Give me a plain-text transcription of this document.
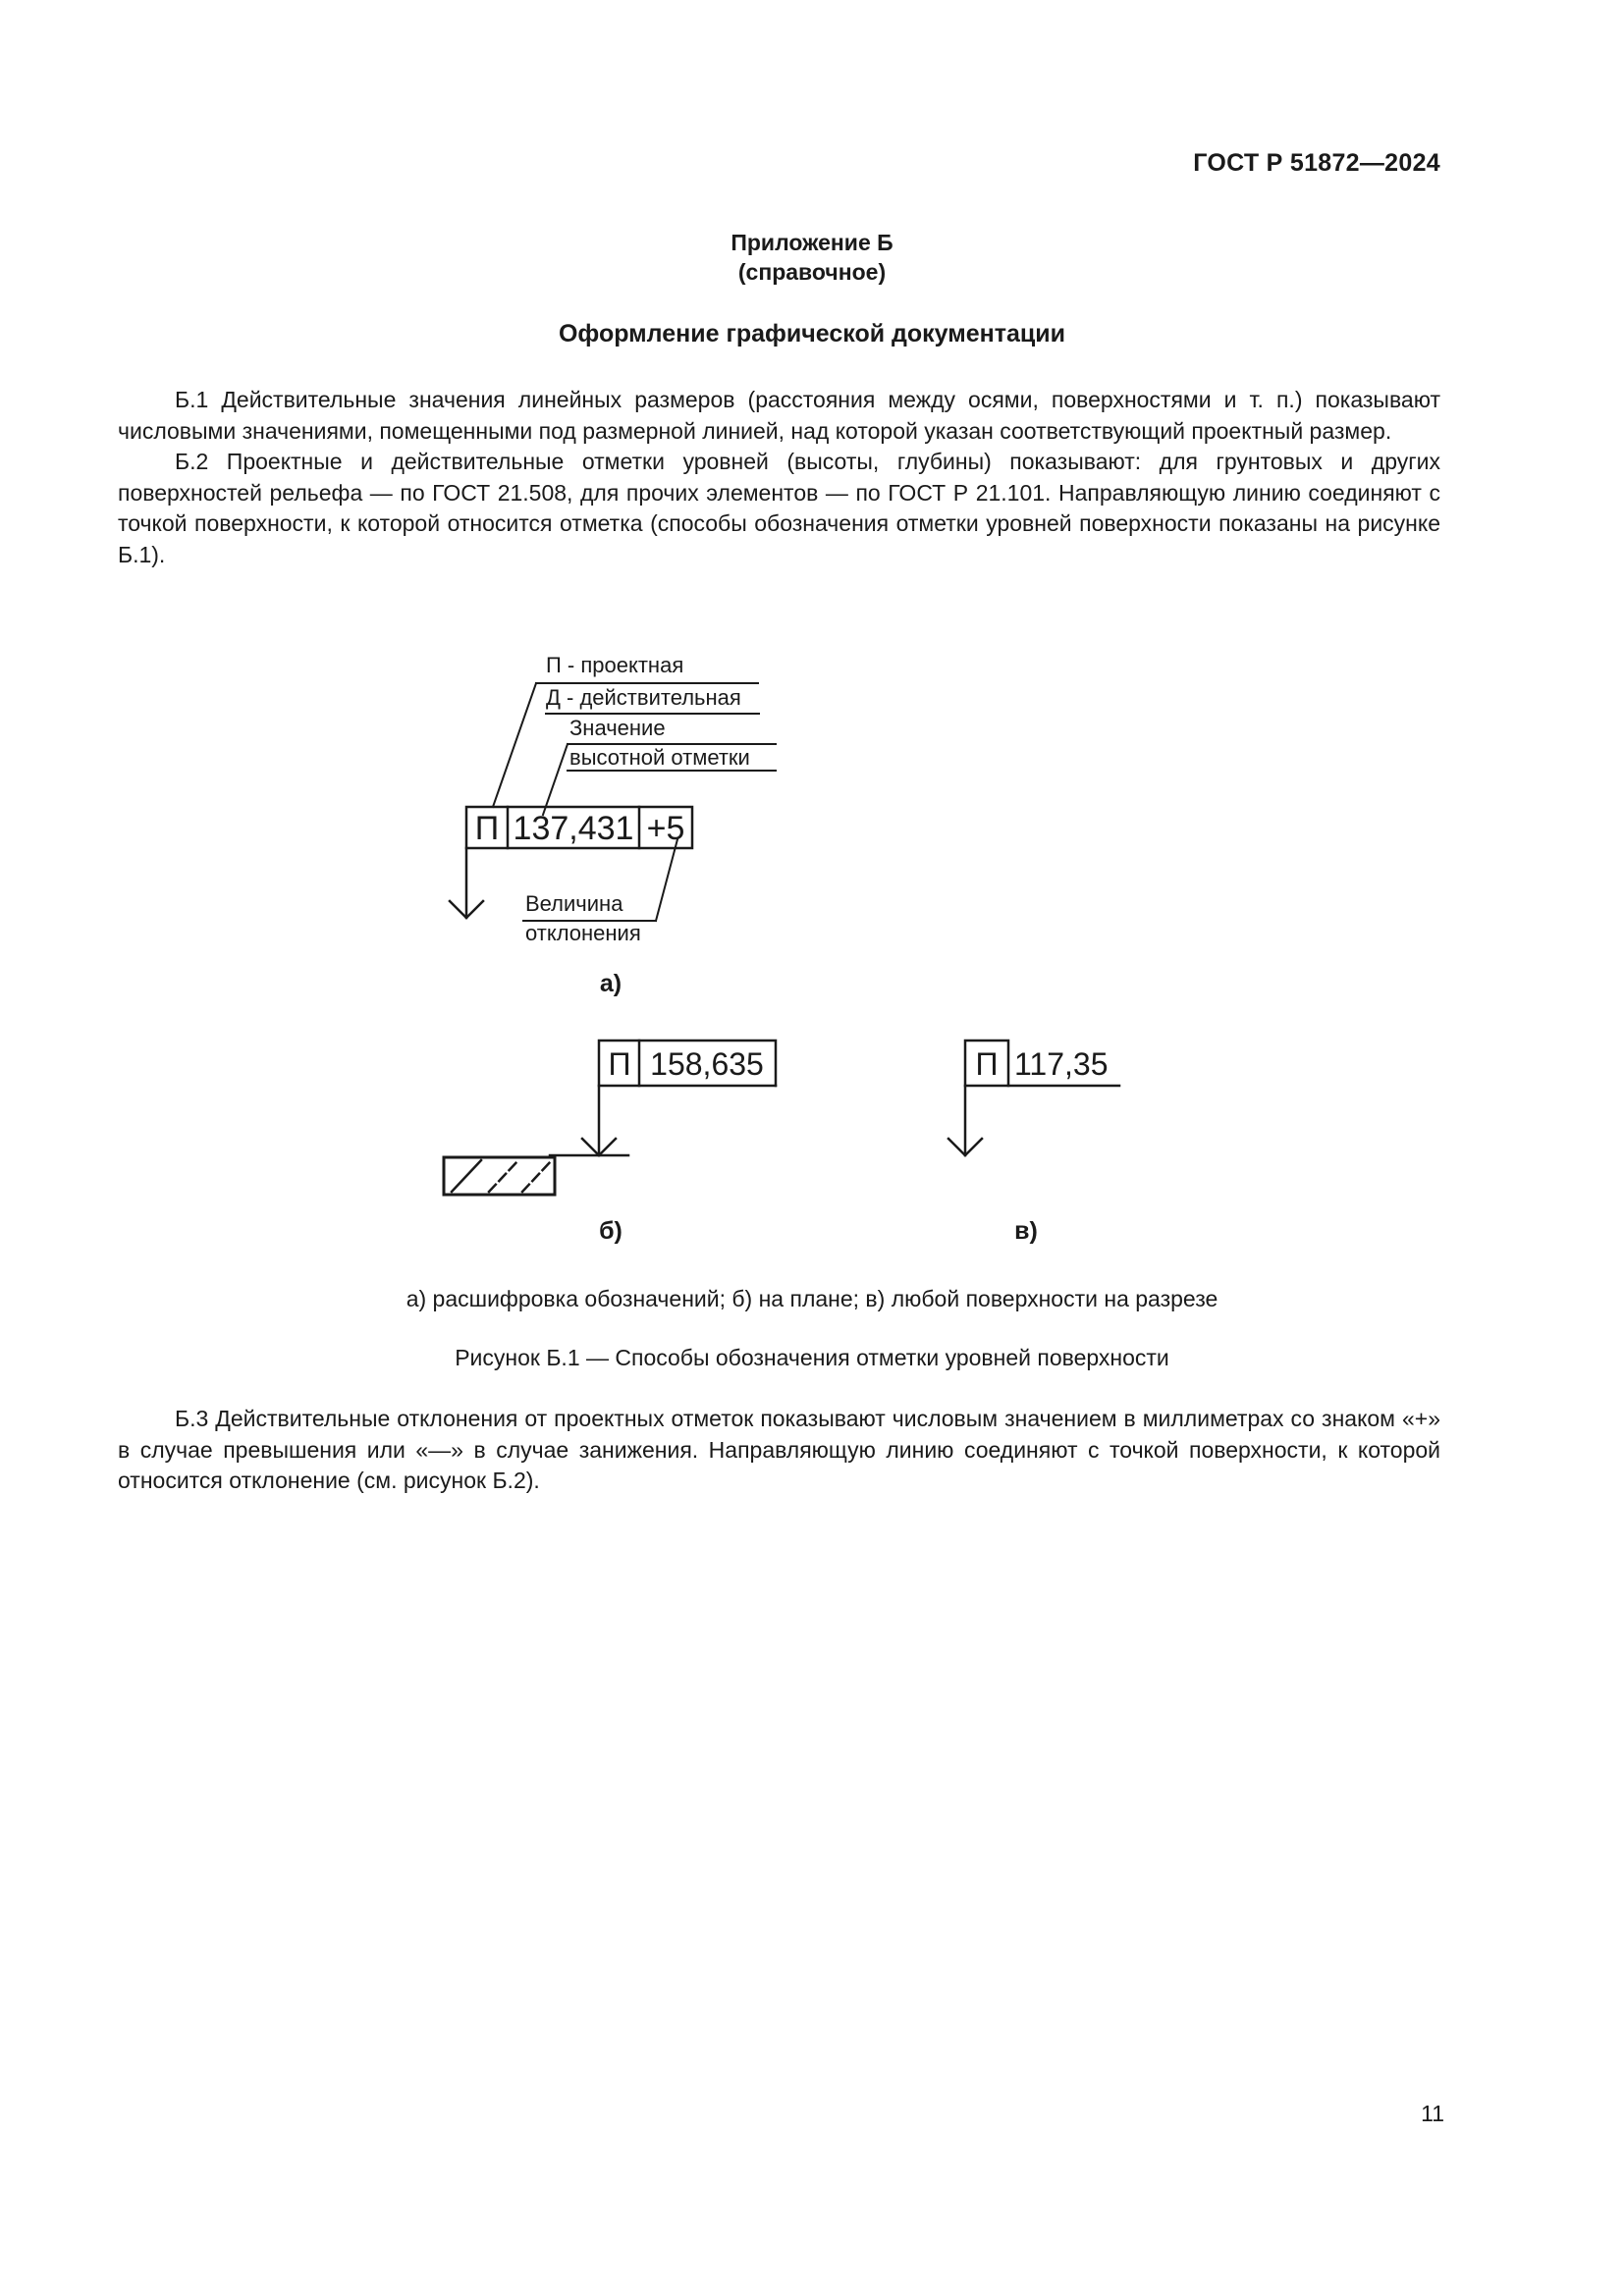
ГОСТ Р 51872—2024
Приложение Б
(справочное)
Оформление графической документации

Б.1 Действительные значения линейных размеров (расстояния между осями, поверхностями и т. п.) показывают числовыми значениями, помещенными под размерной линией, над которой указан соответствующий проектный размер.

Б.2 Проектные и действительные отметки уровней (высоты, глубины) показывают: для грунтовых и других поверхностей рельефа — по ГОСТ 21.508, для прочих элементов — по ГОСТ Р 21.101. Направляющую линию соединяют с точкой поверхности, к которой относится отметка (способы обозначения отметки уровней поверхности показаны на рисунке Б.1).

П - проектная
Д - действительная
Значение
высотной отметки
П 137,431 +5
Величина
отклонения
а)
П 158,635
б)
П 117,35
в)
а) расшифровка обозначений; б) на плане; в) любой поверхности на разрезе
Рисунок Б.1 — Способы обозначения отметки уровней поверхности

Б.3 Действительные отклонения от проектных отметок показывают числовым значением в миллиметрах со знаком «+» в случае превышения или «—» в случае занижения. Направляющую линию соединяют с точкой поверхности, к которой относится отклонение (см. рисунок Б.2).

11
